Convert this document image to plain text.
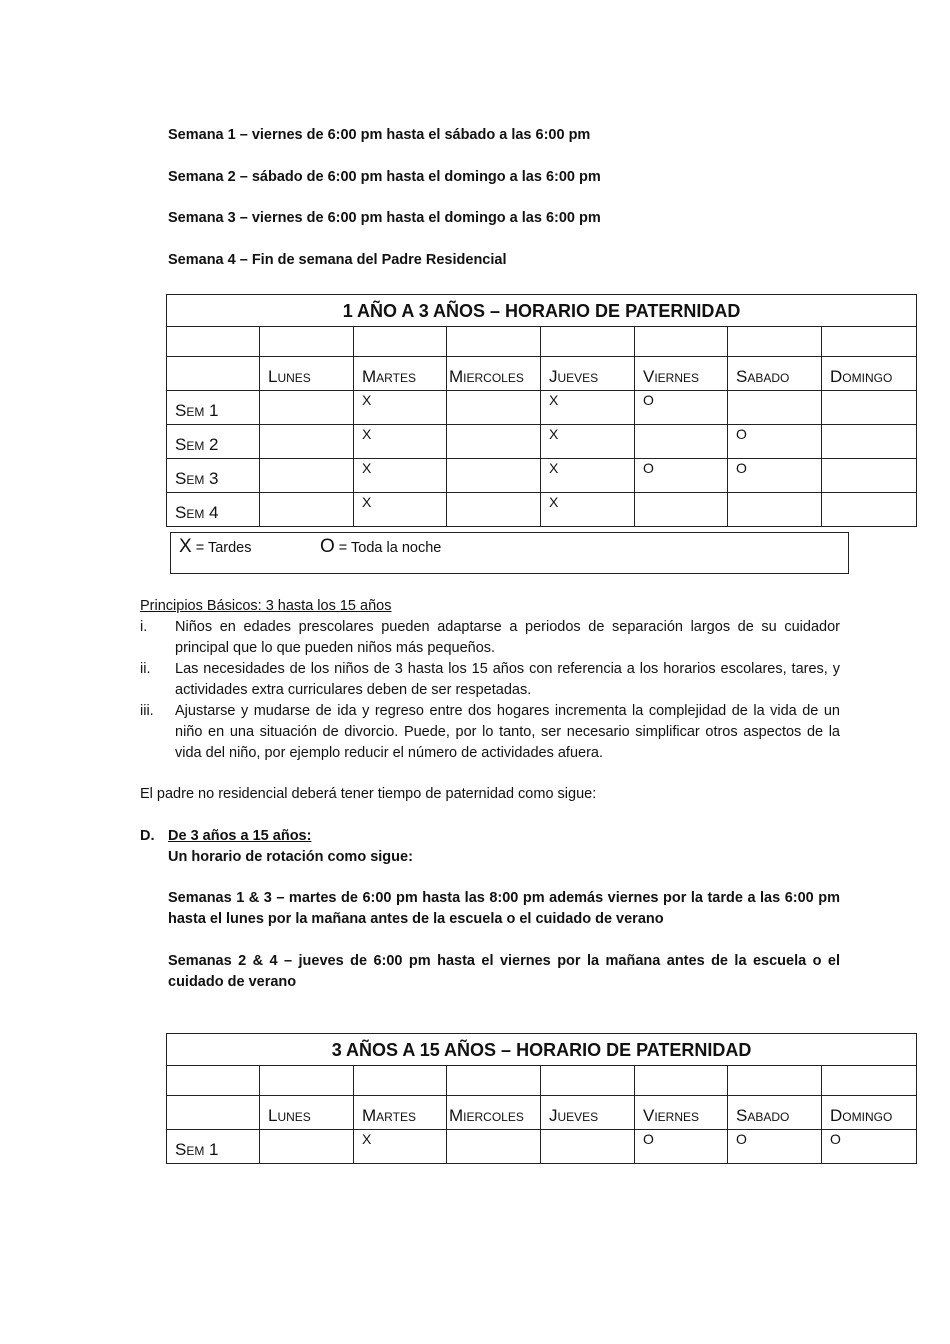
Semana 1 – viernes de 6:00 pm hasta el sábado a las 6:00 pm
Semana 2 – sábado de 6:00 pm hasta el domingo a las 6:00 pm
Semana 3 – viernes de 6:00 pm hasta el domingo a las 6:00 pm
Semana 4 – Fin de semana del Padre Residencial
1 AÑO A 3 AÑOS – HORARIO DE PATERNIDAD							

	Lunes	Martes	Miercoles	Jueves	Viernes	Sabado	Domingo
Sem 1		X		X	O		
Sem 2		X		X		O	
Sem 3		X		X	O	O	
Sem 4		X		X			
X = Tardes	O = Toda la noche
Principios Básicos: 3 hasta los 15 años
i. Niños en edades prescolares pueden adaptarse a periodos de separación largos de su cuidador principal que lo que pueden niños más pequeños.
ii. Las necesidades de los niños de 3 hasta los 15 años con referencia a los horarios escolares, tares, y actividades extra curriculares deben de ser respetadas.
iii. Ajustarse y mudarse de ida y regreso entre dos hogares incrementa la complejidad de la vida de un niño en una situación de divorcio. Puede, por lo tanto, ser necesario simplificar otros aspectos de la vida del niño, por ejemplo reducir el número de actividades afuera.
El padre no residencial deberá tener tiempo de paternidad como sigue:
D. De 3 años a 15 años:
Un horario de rotación como sigue:
Semanas 1 & 3 – martes de 6:00 pm hasta las 8:00 pm además viernes por la tarde a las 6:00 pm hasta el lunes por la mañana antes de la escuela o el cuidado de verano
Semanas 2 & 4 – jueves de 6:00 pm hasta el viernes por la mañana antes de la escuela o el cuidado de verano
3 AÑOS A 15 AÑOS – HORARIO DE PATERNIDAD							

	Lunes	Martes	Miercoles	Jueves	Viernes	Sabado	Domingo
Sem 1		X			O	O	O
